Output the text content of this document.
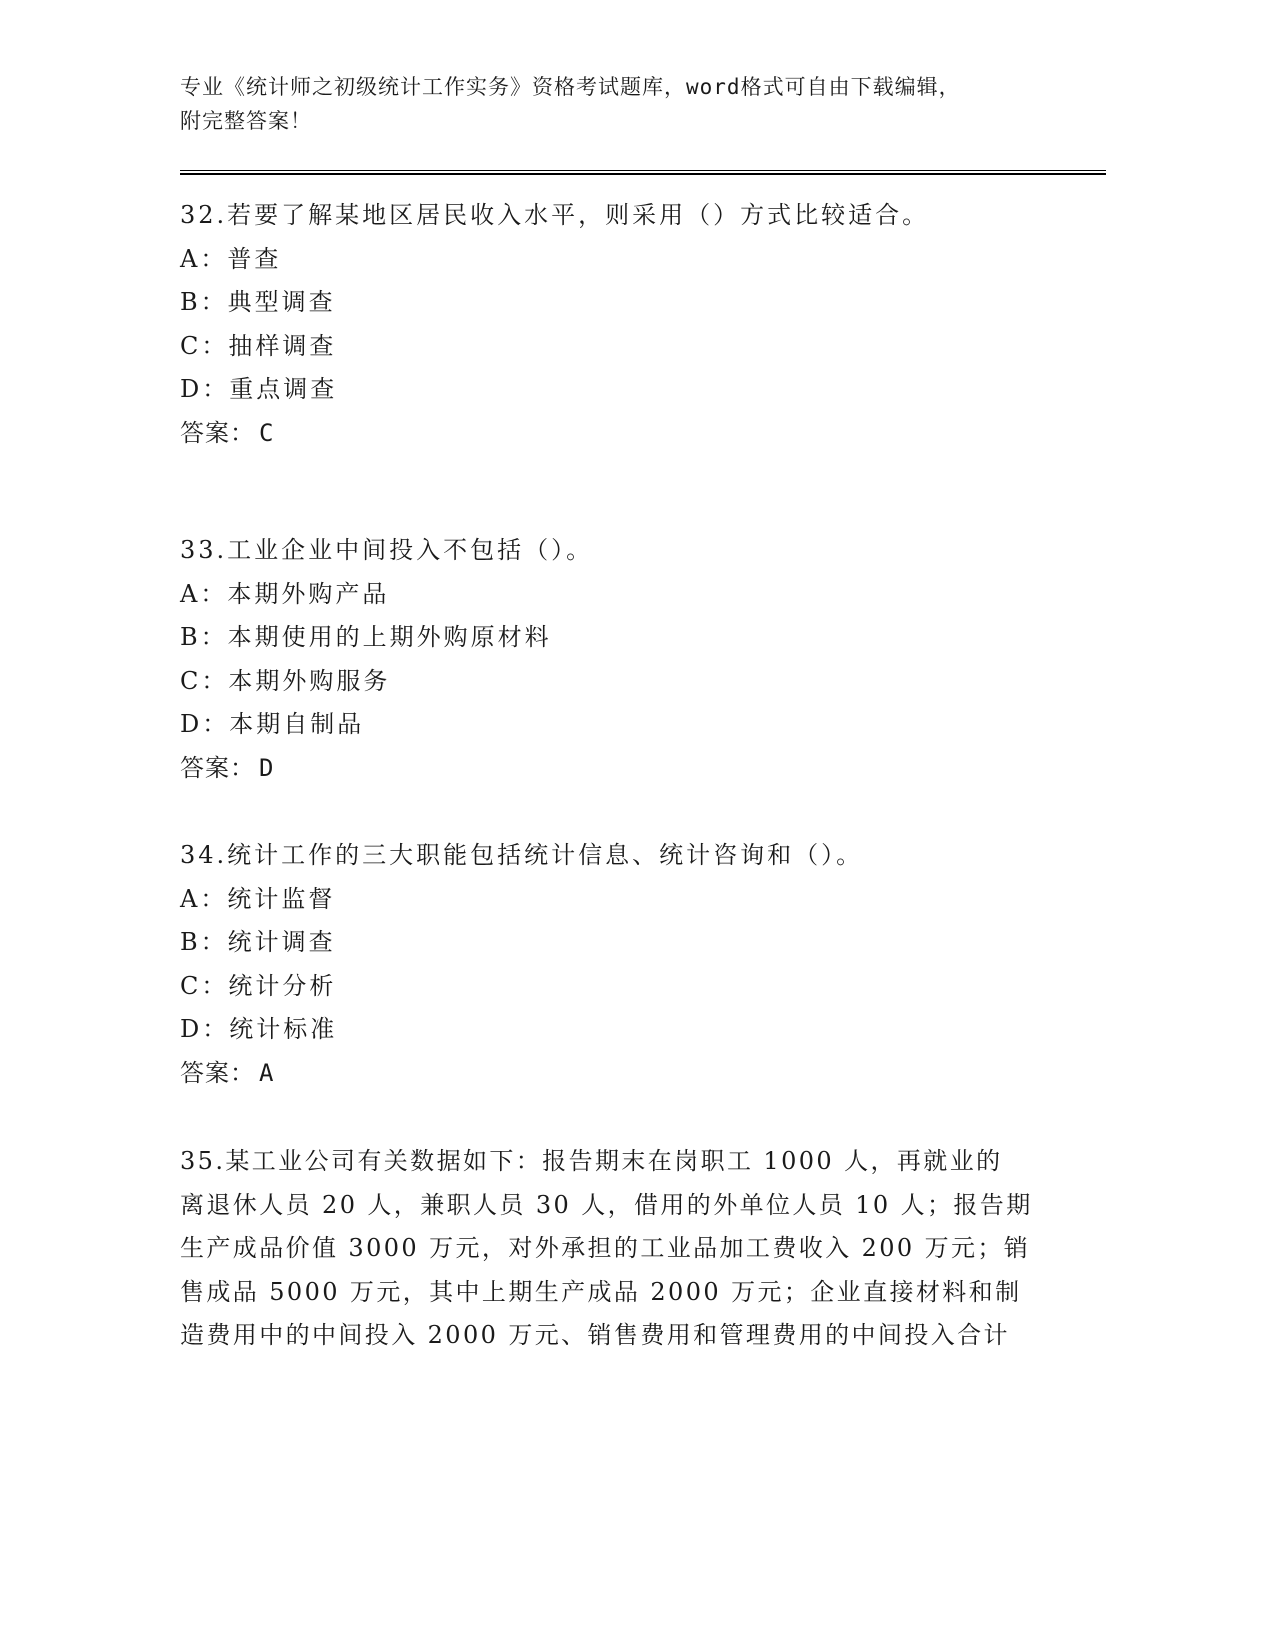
专业《统计师之初级统计工作实务》资格考试题库，word格式可自由下载编辑，
附完整答案！
32.若要了解某地区居民收入水平，则采用（）方式比较适合。
A：普查
B：典型调查
C：抽样调查
D：重点调查
答案： C
33.工业企业中间投入不包括（）。
A：本期外购产品
B：本期使用的上期外购原材料
C：本期外购服务
D：本期自制品
答案： D
34.统计工作的三大职能包括统计信息、统计咨询和（）。
A：统计监督
B：统计调查
C：统计分析
D：统计标准
答案： A
35.某工业公司有关数据如下：报告期末在岗职工 1000 人，再就业的
离退休人员 20 人，兼职人员 30 人，借用的外单位人员 10 人；报告期
生产成品价值 3000 万元，对外承担的工业品加工费收入 200 万元；销
售成品 5000 万元，其中上期生产成品 2000 万元；企业直接材料和制
造费用中的中间投入 2000 万元、销售费用和管理费用的中间投入合计
